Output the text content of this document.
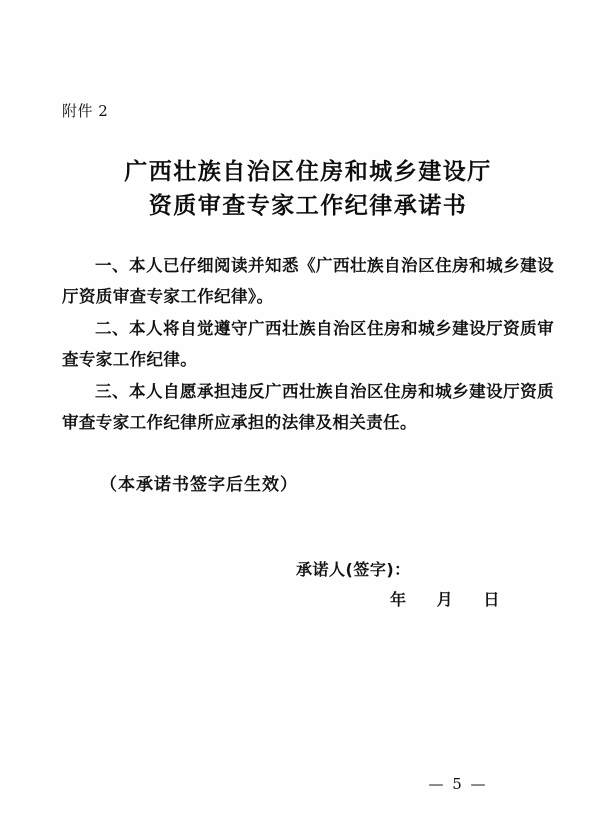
附件 2
广西壮族自治区住房和城乡建设厅
资质审查专家工作纪律承诺书

一、本人已仔细阅读并知悉《广西壮族自治区住房和城乡建设厅资质审查专家工作纪律》。

二、本人将自觉遵守广西壮族自治区住房和城乡建设厅资质审查专家工作纪律。

三、本人自愿承担违反广西壮族自治区住房和城乡建设厅资质审查专家工作纪律所应承担的法律及相关责任。

（本承诺书签字后生效）
承诺人(签字)：
年 月 日
— 5 —
